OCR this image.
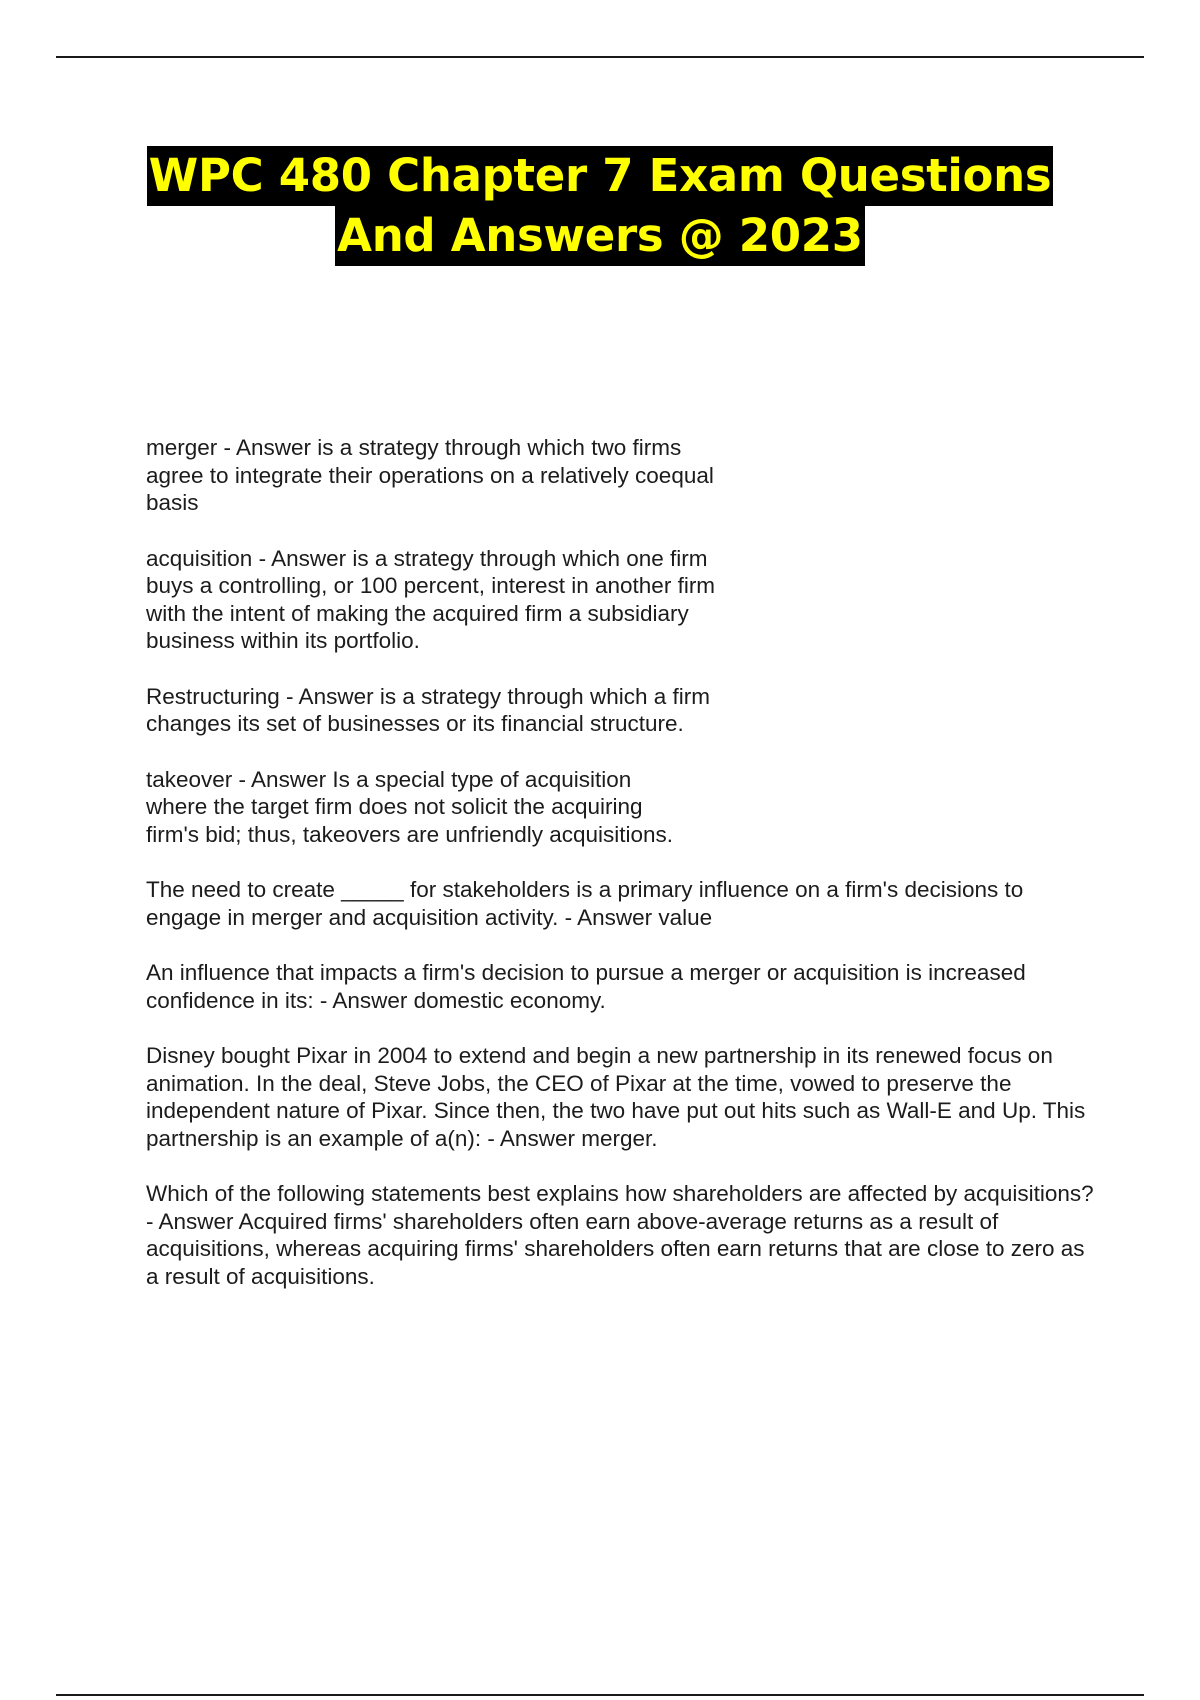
WPC 480 Chapter 7 Exam Questions
And Answers @ 2023

merger - Answer is a strategy through which two firms agree to integrate their operations on a relatively coequal basis

acquisition - Answer is a strategy through which one firm buys a controlling, or 100 percent, interest in another firm with the intent of making the acquired firm a subsidiary business within its portfolio.

Restructuring - Answer is a strategy through which a firm changes its set of businesses or its financial structure.

takeover - Answer Is a special type of acquisition where the target firm does not solicit the acquiring firm's bid; thus, takeovers are unfriendly acquisitions.

The need to create _____ for stakeholders is a primary influence on a firm's decisions to engage in merger and acquisition activity. - Answer value

An influence that impacts a firm's decision to pursue a merger or acquisition is increased confidence in its: - Answer domestic economy.

Disney bought Pixar in 2004 to extend and begin a new partnership in its renewed focus on animation. In the deal, Steve Jobs, the CEO of Pixar at the time, vowed to preserve the independent nature of Pixar. Since then, the two have put out hits such as Wall-E and Up. This partnership is an example of a(n): - Answer merger.

Which of the following statements best explains how shareholders are affected by acquisitions? - Answer Acquired firms' shareholders often earn above-average returns as a result of acquisitions, whereas acquiring firms' shareholders often earn returns that are close to zero as a result of acquisitions.
